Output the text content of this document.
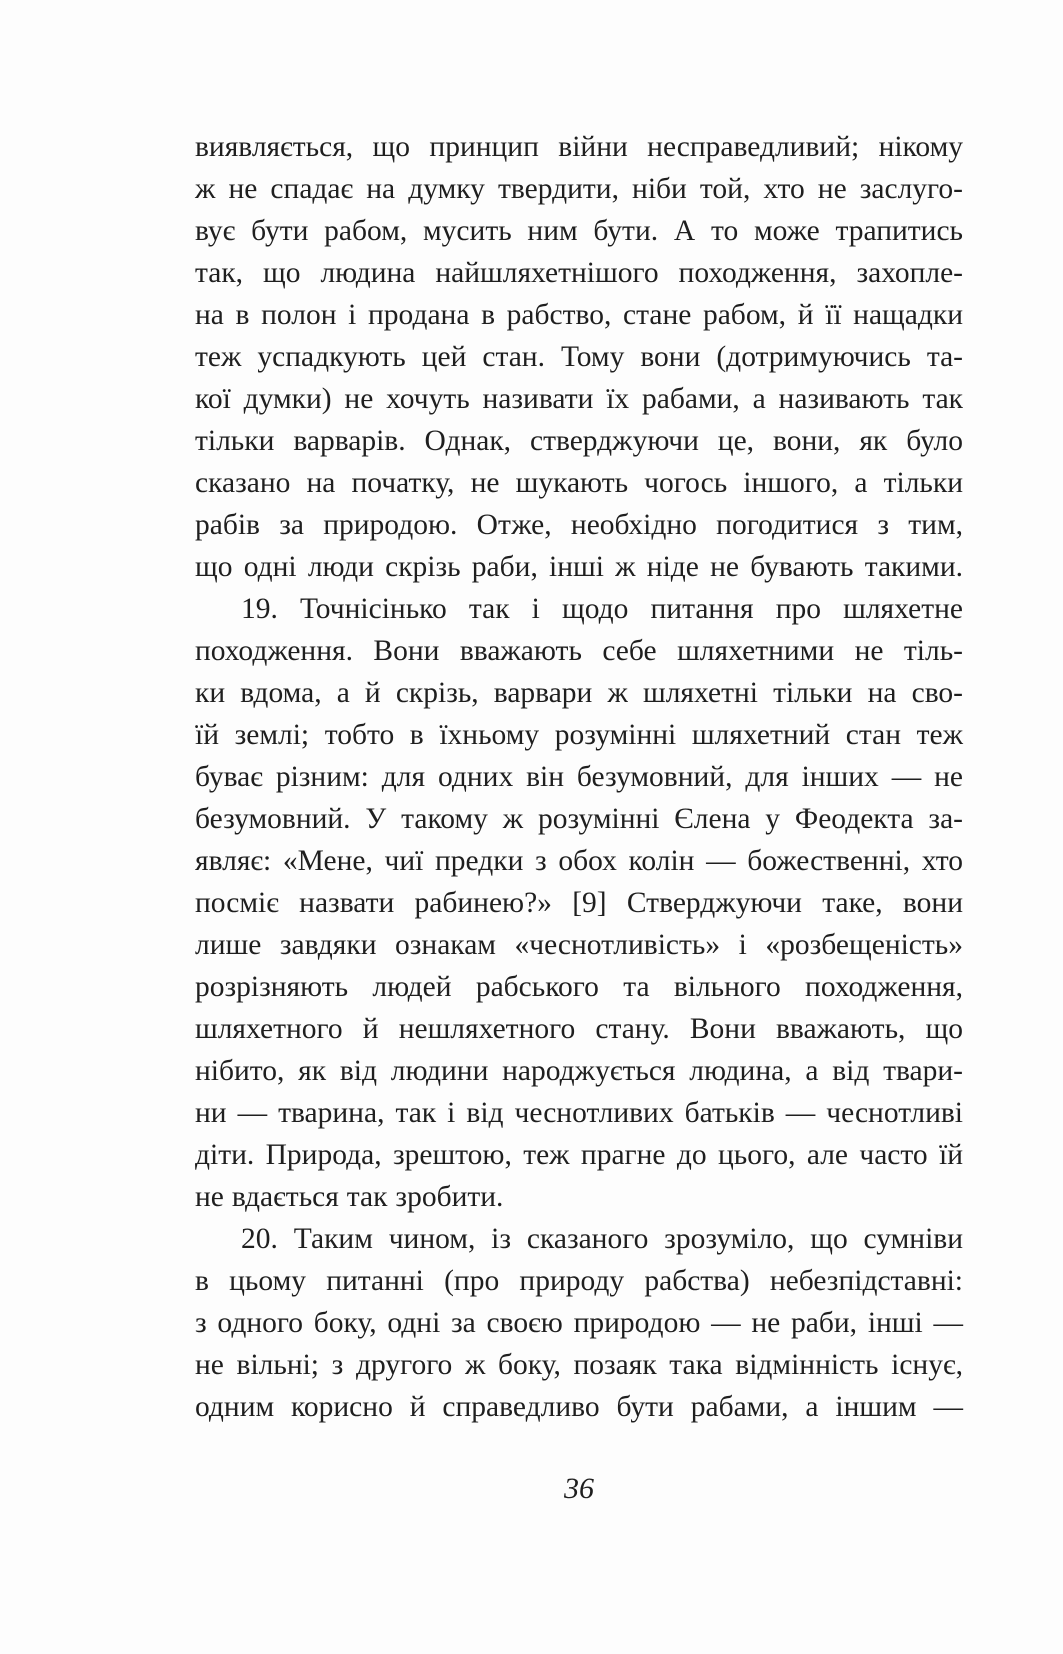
виявляється, що принцип війни несправедливий; нікому
ж не спадає на думку твердити, ніби той, хто не заслуго-
вує бути рабом, мусить ним бути. А то може трапитись
так, що людина найшляхетнішого походження, захопле-
на в полон і продана в рабство, стане рабом, й її нащадки
теж успадкують цей стан. Тому вони (дотримуючись та-
кої думки) не хочуть називати їх рабами, а називають так
тільки варварів. Однак, стверджуючи це, вони, як було
сказано на початку, не шукають чогось іншого, а тільки
рабів за природою. Отже, необхідно погодитися з тим,
що одні люди скрізь раби, інші ж ніде не бувають такими.
19. Точнісінько так і щодо питання про шляхетне
походження. Вони вважають себе шляхетними не тіль-
ки вдома, а й скрізь, варвари ж шляхетні тільки на сво-
їй землі; тобто в їхньому розумінні шляхетний стан теж
буває різним: для одних він безумовний, для інших — не
безумовний. У такому ж розумінні Єлена у Феодекта за-
являє: «Мене, чиї предки з обох колін — божественні, хто
посміє назвати рабинею?» [9] Стверджуючи таке, вони
лише завдяки ознакам «чеснотливість» і «розбещеність»
розрізняють людей рабського та вільного походження,
шляхетного й нешляхетного стану. Вони вважають, що
нібито, як від людини народжується людина, а від твари-
ни — тварина, так і від чеснотливих батьків — чеснотливі
діти. Природа, зрештою, теж прагне до цього, але часто їй
не вдається так зробити.
20. Таким чином, із сказаного зрозуміло, що сумніви
в цьому питанні (про природу рабства) небезпідставні:
з одного боку, одні за своєю природою — не раби, інші —
не вільні; з другого ж боку, позаяк така відмінність існує,
одним корисно й справедливо бути рабами, а іншим —
36
